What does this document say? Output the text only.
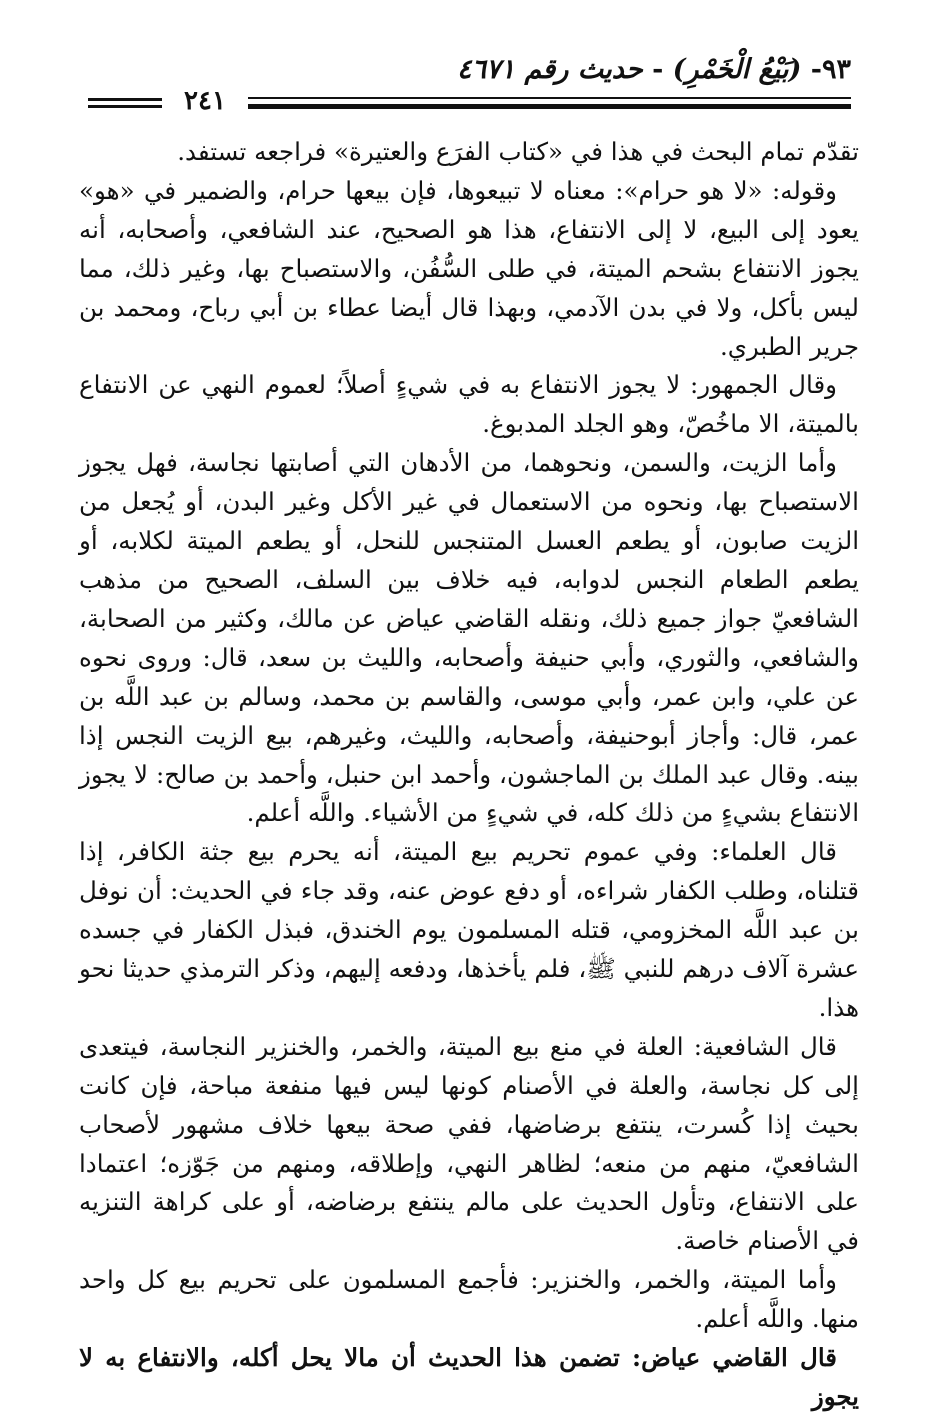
٩٣- (بَيْعُ الْخَمْرِ) - حديث رقم ٤٦٧١
٢٤١

تقدّم تمام البحث في هذا في «كتاب الفرَع والعتيرة» فراجعه تستفد.

وقوله: «لا هو حرام»: معناه لا تبيعوها، فإن بيعها حرام، والضمير في «هو» يعود إلى البيع، لا إلى الانتفاع، هذا هو الصحيح، عند الشافعي، وأصحابه، أنه يجوز الانتفاع بشحم الميتة، في طلى السُّفُن، والاستصباح بها، وغير ذلك، مما ليس بأكل، ولا في بدن الآدمي، وبهذا قال أيضا عطاء بن أبي رباح، ومحمد بن جرير الطبري.

وقال الجمهور: لا يجوز الانتفاع به في شيءٍ أصلاً؛ لعموم النهي عن الانتفاع بالميتة، الا ماخُصّ، وهو الجلد المدبوغ.

وأما الزيت، والسمن، ونحوهما، من الأدهان التي أصابتها نجاسة، فهل يجوز الاستصباح بها، ونحوه من الاستعمال في غير الأكل وغير البدن، أو يُجعل من الزيت صابون، أو يطعم العسل المتنجس للنحل، أو يطعم الميتة لكلابه، أو يطعم الطعام النجس لدوابه، فيه خلاف بين السلف، الصحيح من مذهب الشافعيّ جواز جميع ذلك، ونقله القاضي عياض عن مالك، وكثير من الصحابة، والشافعي، والثوري، وأبي حنيفة وأصحابه، والليث بن سعد، قال: وروى نحوه عن علي، وابن عمر، وأبي موسى، والقاسم بن محمد، وسالم بن عبد اللَّه بن عمر، قال: وأجاز أبوحنيفة، وأصحابه، والليث، وغيرهم، بيع الزيت النجس إذا بينه. وقال عبد الملك بن الماجشون، وأحمد ابن حنبل، وأحمد بن صالح: لا يجوز الانتفاع بشيءٍ من ذلك كله، في شيءٍ من الأشياء. واللَّه أعلم.

قال العلماء: وفي عموم تحريم بيع الميتة، أنه يحرم بيع جثة الكافر، إذا قتلناه، وطلب الكفار شراءه، أو دفع عوض عنه، وقد جاء في الحديث: أن نوفل بن عبد اللَّه المخزومي، قتله المسلمون يوم الخندق، فبذل الكفار في جسده عشرة آلاف درهم للنبي ﷺ، فلم يأخذها، ودفعه إليهم، وذكر الترمذي حديثا نحو هذا.

قال الشافعية: العلة في منع بيع الميتة، والخمر، والخنزير النجاسة، فيتعدى إلى كل نجاسة، والعلة في الأصنام كونها ليس فيها منفعة مباحة، فإن كانت بحيث إذا كُسرت، ينتفع برضاضها، ففي صحة بيعها خلاف مشهور لأصحاب الشافعيّ، منهم من منعه؛ لظاهر النهي، وإطلاقه، ومنهم من جَوّزه؛ اعتمادا على الانتفاع، وتأول الحديث على مالم ينتفع برضاضه، أو على كراهة التنزيه في الأصنام خاصة.

وأما الميتة، والخمر، والخنزير: فأجمع المسلمون على تحريم بيع كل واحد منها. واللَّه أعلم.

قال القاضي عياض: تضمن هذا الحديث أن مالا يحل أكله، والانتفاع به لا يجوز
